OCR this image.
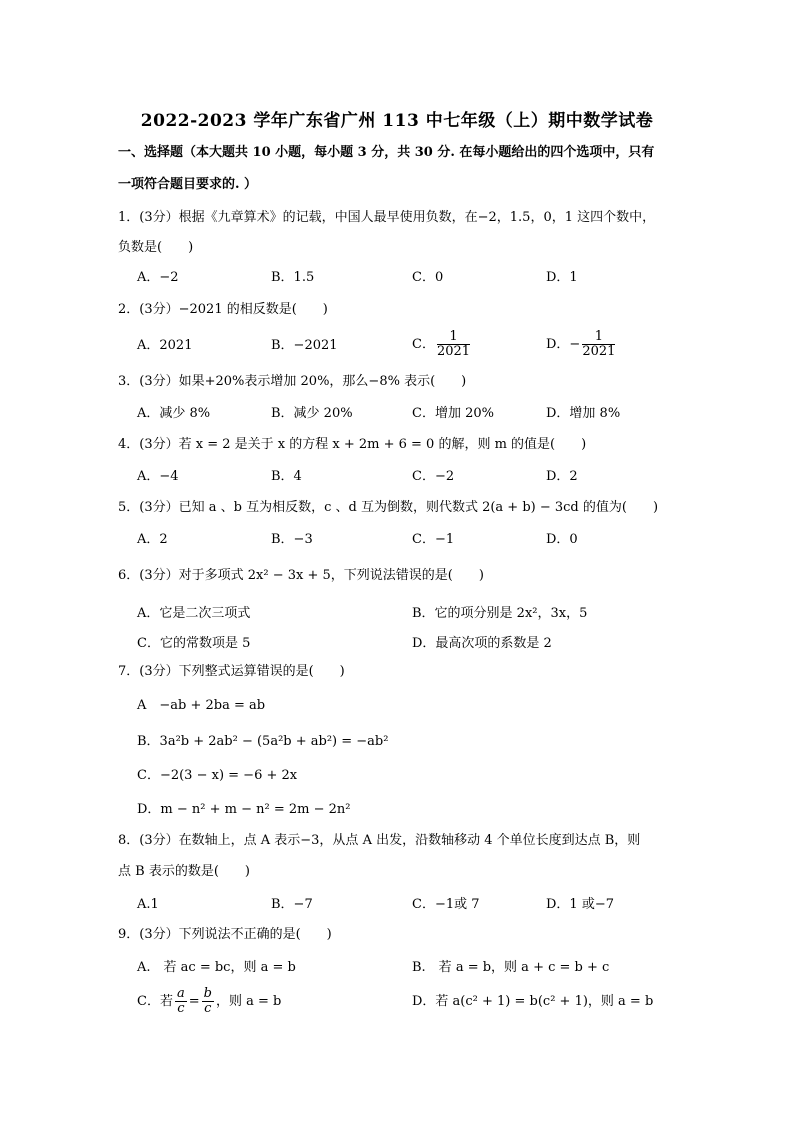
2022-2023 学年广东省广州 113 中七年级（上）期中数学试卷
一、选择题（本大题共 10 小题，每小题 3 分，共 30 分. 在每小题给出的四个选项中，只有
一项符合题目要求的. ）
1．(3分）根据《九章算术》的记载，中国人最早使用负数，在−2，1.5，0，1 这四个数中，
负数是(　　)
A．−2	B．1.5	C．0	D．1
2．(3分）−2021 的相反数是(　　)
A．2021	B．−2021	C． $\frac{1}{2021}$	D．− $\frac{1}{2021}$
3．(3分）如果+20%表示增加 20%，那么−8% 表示(　　)
A．减少 8%	B．减少 20%	C．增加 20%	D．增加 8%
4．(3分）若 x = 2 是关于 x 的方程 x + 2m + 6 = 0 的解，则 m 的值是(　　)
A．−4	B．4	C．−2	D．2
5．(3分）已知 a 、b 互为相反数，c 、d 互为倒数，则代数式 2(a + b) − 3cd 的值为(　　)
A．2	B．−3	C．−1	D．0
6．(3分）对于多项式 2x² − 3x + 5，下列说法错误的是(　　)
A．它是二次三项式	B．它的项分别是 2x²，3x，5
C．它的常数项是 5	D．最高次项的系数是 2
7．(3分）下列整式运算错误的是(　　)
A　−ab + 2ba = ab
B．3a²b + 2ab² − (5a²b + ab²) = −ab²
C．−2(3 − x) = −6 + 2x
D．m − n² + m − n² = 2m − 2n²
8．(3分）在数轴上，点 A 表示−3，从点 A 出发，沿数轴移动 4 个单位长度到达点 B，则
点 B 表示的数是(　　)
A.1	B．−7	C．−1或 7	D．1 或−7
9．(3分）下列说法不正确的是(　　)
A.　若 ac = bc，则 a = b	B.　若 a = b，则 a + c = b + c
C．若 $\frac{a}{c} = \frac{b}{c}$ ，则 a = b	D．若 a(c² + 1) = b(c² + 1)，则 a = b
